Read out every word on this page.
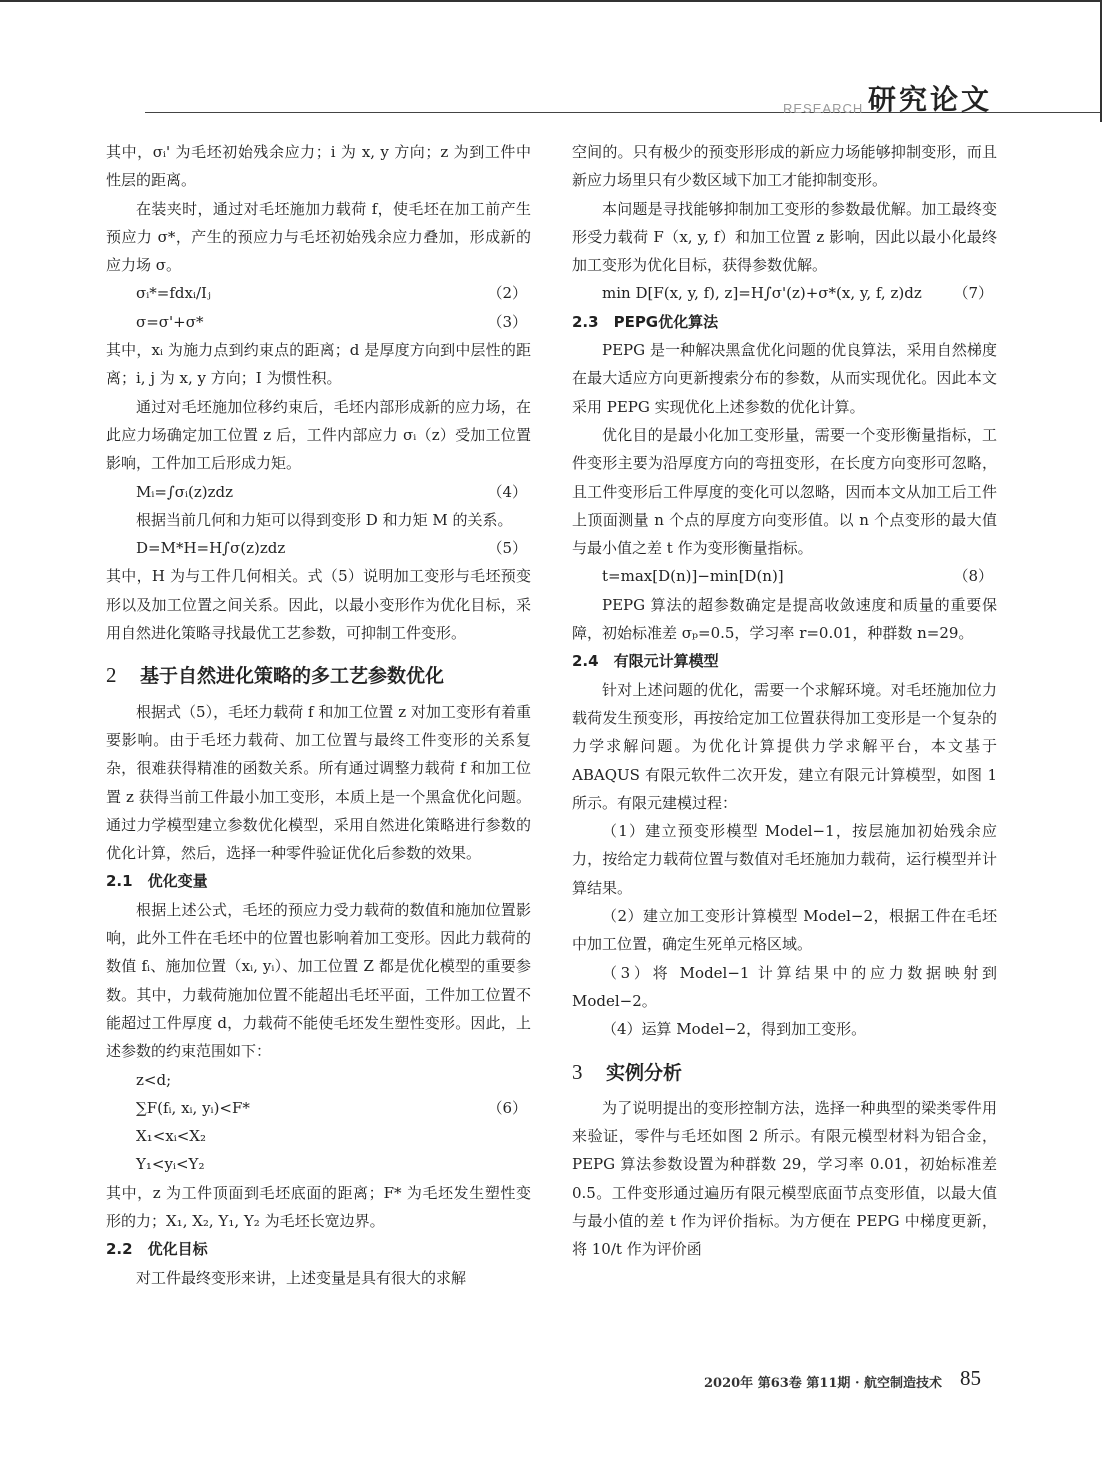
RESEARCH 研究论文

其中，σᵢ' 为毛坯初始残余应力；i 为 x, y 方向；z 为到工件中性层的距离。

在装夹时，通过对毛坯施加力载荷 f，使毛坯在加工前产生预应力 σ*，产生的预应力与毛坯初始残余应力叠加，形成新的应力场 σ。

σᵢ*=fdxᵢ/Iⱼ	（2）
σ=σ'+σ*	（3）

其中，xᵢ 为施力点到约束点的距离；d 是厚度方向到中层性的距离；i, j 为 x, y 方向；I 为惯性积。

通过对毛坯施加位移约束后，毛坯内部形成新的应力场，在此应力场确定加工位置 z 后，工件内部应力 σᵢ（z）受加工位置影响，工件加工后形成力矩。

Mᵢ=∫σᵢ(z)zdz	（4）

根据当前几何和力矩可以得到变形 D 和力矩 M 的关系。

D=M*H=H∫σ(z)zdz	（5）

其中，H 为与工件几何相关。式（5）说明加工变形与毛坯预变形以及加工位置之间关系。因此，以最小变形作为优化目标，采用自然进化策略寻找最优工艺参数，可抑制工件变形。

2 基于自然进化策略的多工艺参数优化

根据式（5），毛坯力载荷 f 和加工位置 z 对加工变形有着重要影响。由于毛坯力载荷、加工位置与最终工件变形的关系复杂，很难获得精准的函数关系。所有通过调整力载荷 f 和加工位置 z 获得当前工件最小加工变形，本质上是一个黑盒优化问题。通过力学模型建立参数优化模型，采用自然进化策略进行参数的优化计算，然后，选择一种零件验证优化后参数的效果。

2.1　优化变量

根据上述公式，毛坯的预应力受力载荷的数值和施加位置影响，此外工件在毛坯中的位置也影响着加工变形。因此力载荷的数值 fᵢ、施加位置（xᵢ, yᵢ）、加工位置 Z 都是优化模型的重要参数。其中，力载荷施加位置不能超出毛坯平面，工件加工位置不能超过工件厚度 d，力载荷不能使毛坯发生塑性变形。因此，上述参数的约束范围如下：

z<d;
∑F(fᵢ, xᵢ, yᵢ)<F*	（6）
X₁<xᵢ<X₂
Y₁<yᵢ<Y₂

其中，z 为工件顶面到毛坯底面的距离；F* 为毛坯发生塑性变形的力；X₁, X₂, Y₁, Y₂ 为毛坯长宽边界。

2.2　优化目标

对工件最终变形来讲，上述变量是具有很大的求解

空间的。只有极少的预变形形成的新应力场能够抑制变形，而且新应力场里只有少数区域下加工才能抑制变形。

本问题是寻找能够抑制加工变形的参数最优解。加工最终变形受力载荷 F（x, y, f）和加工位置 z 影响，因此以最小化最终加工变形为优化目标，获得参数优解。

min D[F(x, y, f), z]=H∫σ'(z)+σ*(x, y, f, z)dz （7）
2.3　PEPG优化算法

PEPG 是一种解决黑盒优化问题的优良算法，采用自然梯度在最大适应方向更新搜索分布的参数，从而实现优化。因此本文采用 PEPG 实现优化上述参数的优化计算。

优化目的是最小化加工变形量，需要一个变形衡量指标，工件变形主要为沿厚度方向的弯扭变形，在长度方向变形可忽略，且工件变形后工件厚度的变化可以忽略，因而本文从加工后工件上顶面测量 n 个点的厚度方向变形值。以 n 个点变形的最大值与最小值之差 t 作为变形衡量指标。

t=max[D(n)]−min[D(n)]	（8）

PEPG 算法的超参数确定是提高收敛速度和质量的重要保障，初始标准差 σₚ=0.5，学习率 r=0.01，种群数 n=29。

2.4　有限元计算模型

针对上述问题的优化，需要一个求解环境。对毛坯施加位力载荷发生预变形，再按给定加工位置获得加工变形是一个复杂的力学求解问题。为优化计算提供力学求解平台，本文基于 ABAQUS 有限元软件二次开发，建立有限元计算模型，如图 1 所示。有限元建模过程：

（1）建立预变形模型 Model−1，按层施加初始残余应力，按给定力载荷位置与数值对毛坯施加力载荷，运行模型并计算结果。

（2）建立加工变形计算模型 Model−2，根据工件在毛坯中加工位置，确定生死单元格区域。

（3）将 Model−1 计算结果中的应力数据映射到 Model−2。

（4）运算 Model−2，得到加工变形。

3 实例分析

为了说明提出的变形控制方法，选择一种典型的梁类零件用来验证，零件与毛坯如图 2 所示。有限元模型材料为铝合金，PEPG 算法参数设置为种群数 29，学习率 0.01，初始标准差 0.5。工件变形通过遍历有限元模型底面节点变形值，以最大值与最小值的差 t 作为评价指标。为方便在 PEPG 中梯度更新，将 10/t 作为评价函

2020年 第63卷 第11期 · 航空制造技术 85
